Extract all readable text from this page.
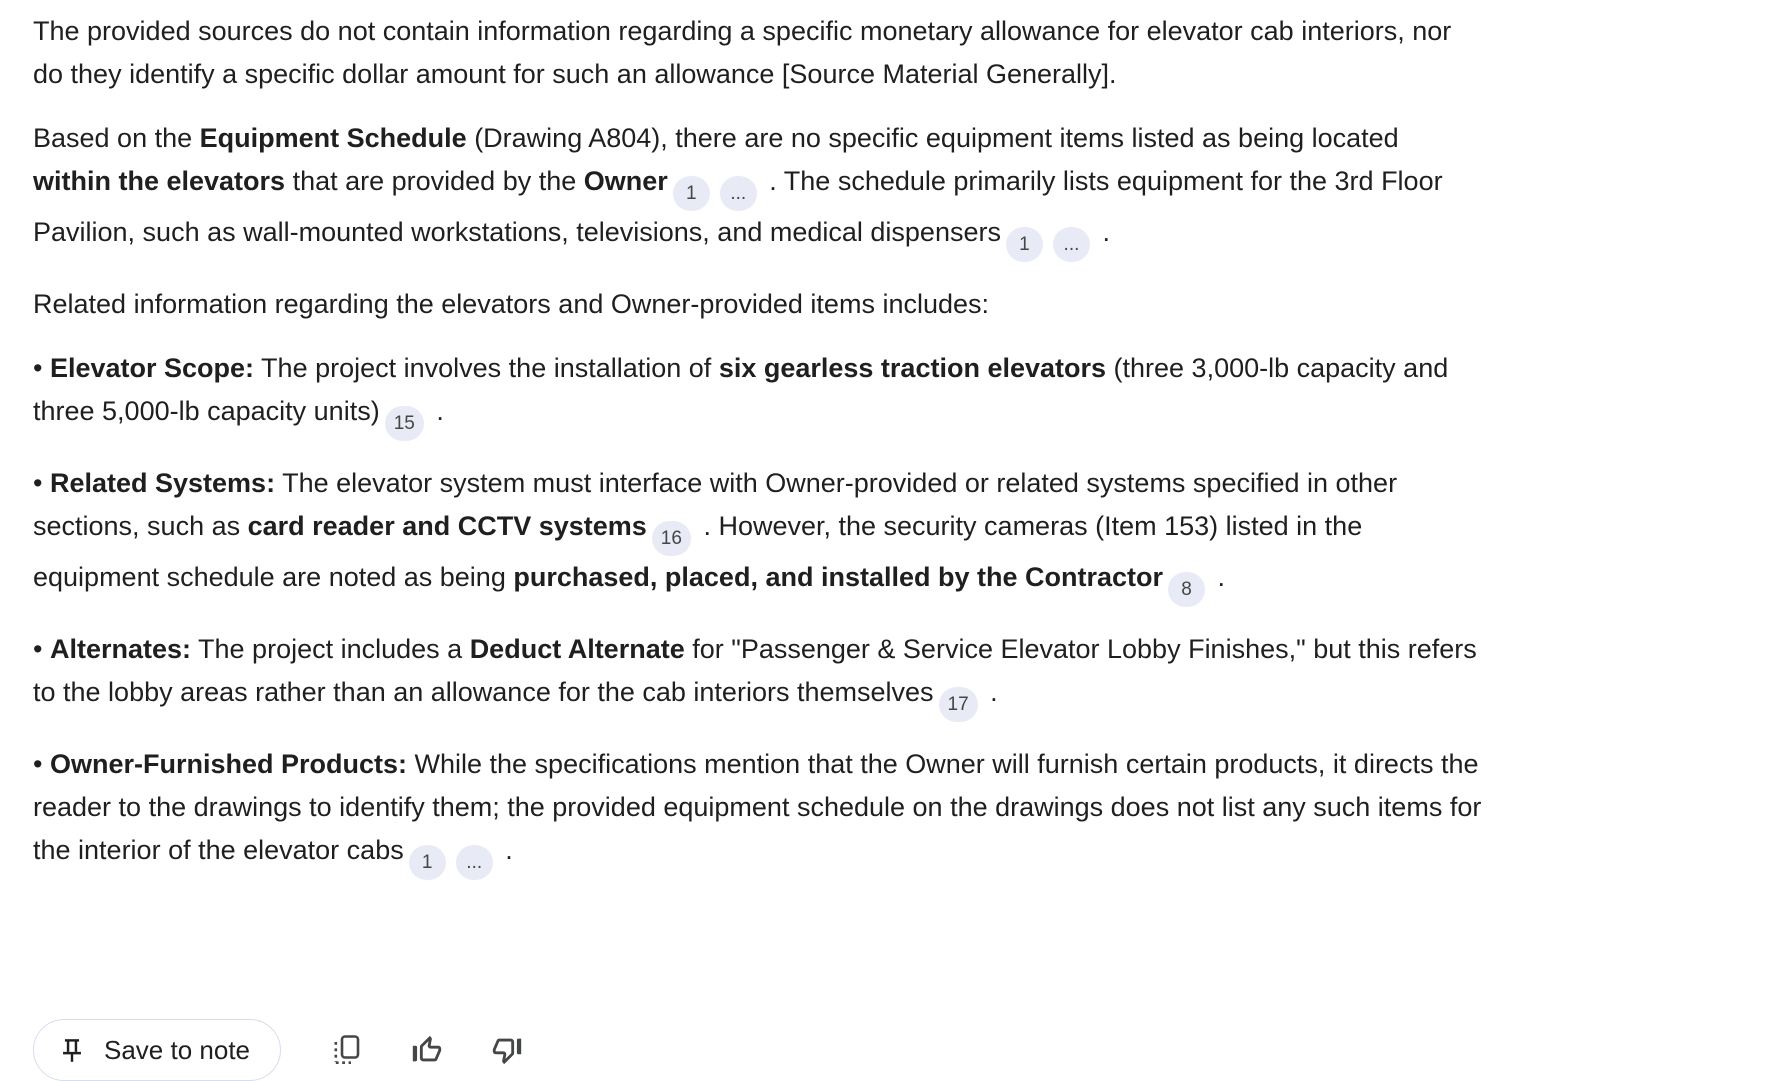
The provided sources do not contain information regarding a specific monetary allowance for elevator cab interiors, nor do they identify a specific dollar amount for such an allowance [Source Material Generally].

Based on the Equipment Schedule (Drawing A804), there are no specific equipment items listed as being located within the elevators that are provided by the Owner 1 ... . The schedule primarily lists equipment for the 3rd Floor Pavilion, such as wall-mounted workstations, televisions, and medical dispensers 1 ... .

Related information regarding the elevators and Owner-provided items includes:

• Elevator Scope: The project involves the installation of six gearless traction elevators (three 3,000-lb capacity and three 5,000-lb capacity units) 15 .

• Related Systems: The elevator system must interface with Owner-provided or related systems specified in other sections, such as card reader and CCTV systems 16 . However, the security cameras (Item 153) listed in the equipment schedule are noted as being purchased, placed, and installed by the Contractor 8 .

• Alternates: The project includes a Deduct Alternate for "Passenger & Service Elevator Lobby Finishes," but this refers to the lobby areas rather than an allowance for the cab interiors themselves 17 .

• Owner-Furnished Products: While the specifications mention that the Owner will furnish certain products, it directs the reader to the drawings to identify them; the provided equipment schedule on the drawings does not list any such items for the interior of the elevator cabs 1 ... .

Save to note
